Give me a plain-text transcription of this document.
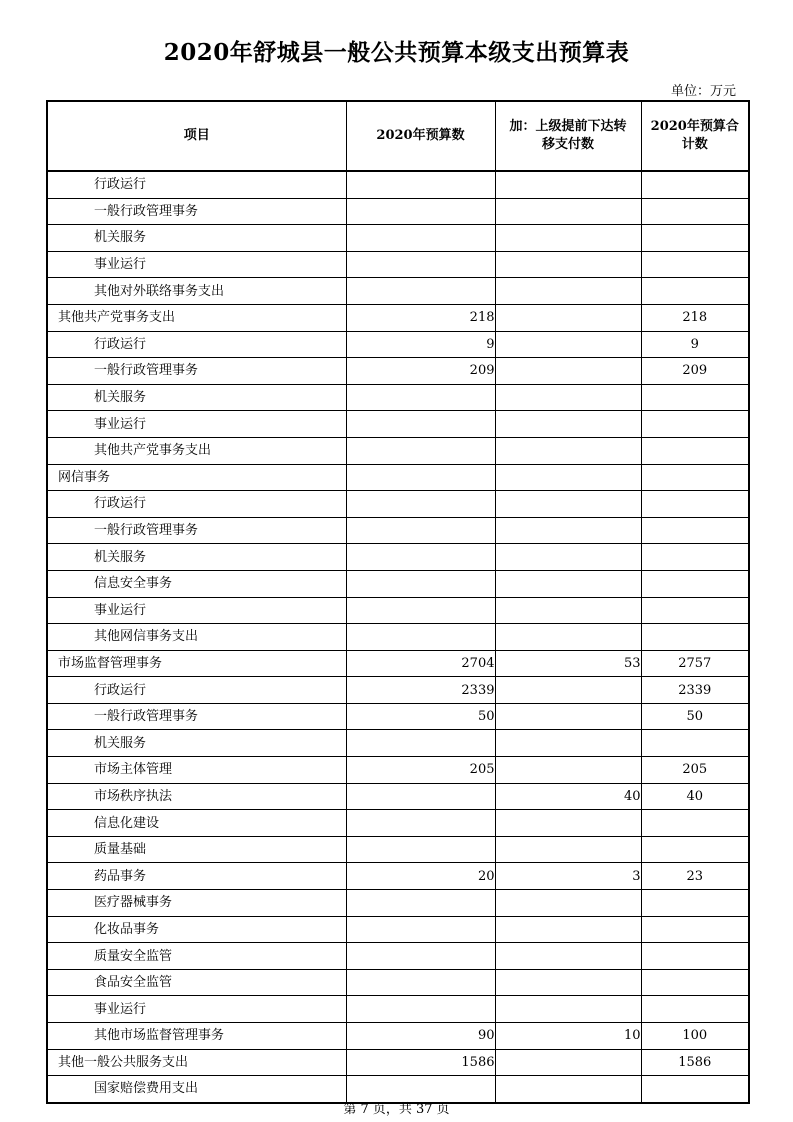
2020年舒城县一般公共预算本级支出预算表
单位：万元
项目	2020年预算数	加：上级提前下达转移支付数	2020年预算合计数
行政运行			
一般行政管理事务			
机关服务			
事业运行			
其他对外联络事务支出			
其他共产党事务支出	218		218
行政运行	9		9
一般行政管理事务	209		209
机关服务			
事业运行			
其他共产党事务支出			
网信事务			
行政运行			
一般行政管理事务			
机关服务			
信息安全事务			
事业运行			
其他网信事务支出			
市场监督管理事务	2704	53	2757
行政运行	2339		2339
一般行政管理事务	50		50
机关服务			
市场主体管理	205		205
市场秩序执法		40	40
信息化建设			
质量基础			
药品事务	20	3	23
医疗器械事务			
化妆品事务			
质量安全监管			
食品安全监管			
事业运行			
其他市场监督管理事务	90	10	100
其他一般公共服务支出	1586		1586
国家赔偿费用支出			
第 7 页，共 37 页
